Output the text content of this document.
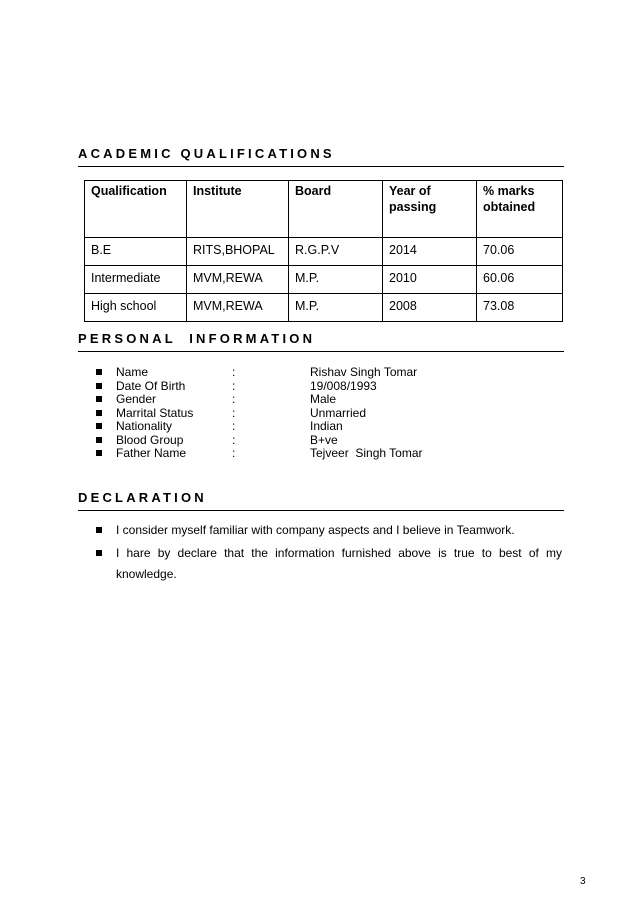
ACADEMIC QUALIFICATIONS
Qualification	Institute	Board	Year of passing	% marks obtained
B.E	RITS,BHOPAL	R.G.P.V	2014	70.06
Intermediate	MVM,REWA	M.P.	2010	60.06
High school	MVM,REWA	M.P.	2008	73.08
PERSONAL  INFORMATION
Name	:	Rishav Singh Tomar
Date Of Birth	:	19/008/1993
Gender	:	Male
Marrital Status	:	Unmarried
Nationality	:	Indian
Blood Group	:	B+ve
Father Name	:	Tejveer  Singh Tomar
DECLARATION
I consider myself familiar with company aspects and I believe in Teamwork.
I hare by declare that the information furnished above is true to best of my knowledge.
3
